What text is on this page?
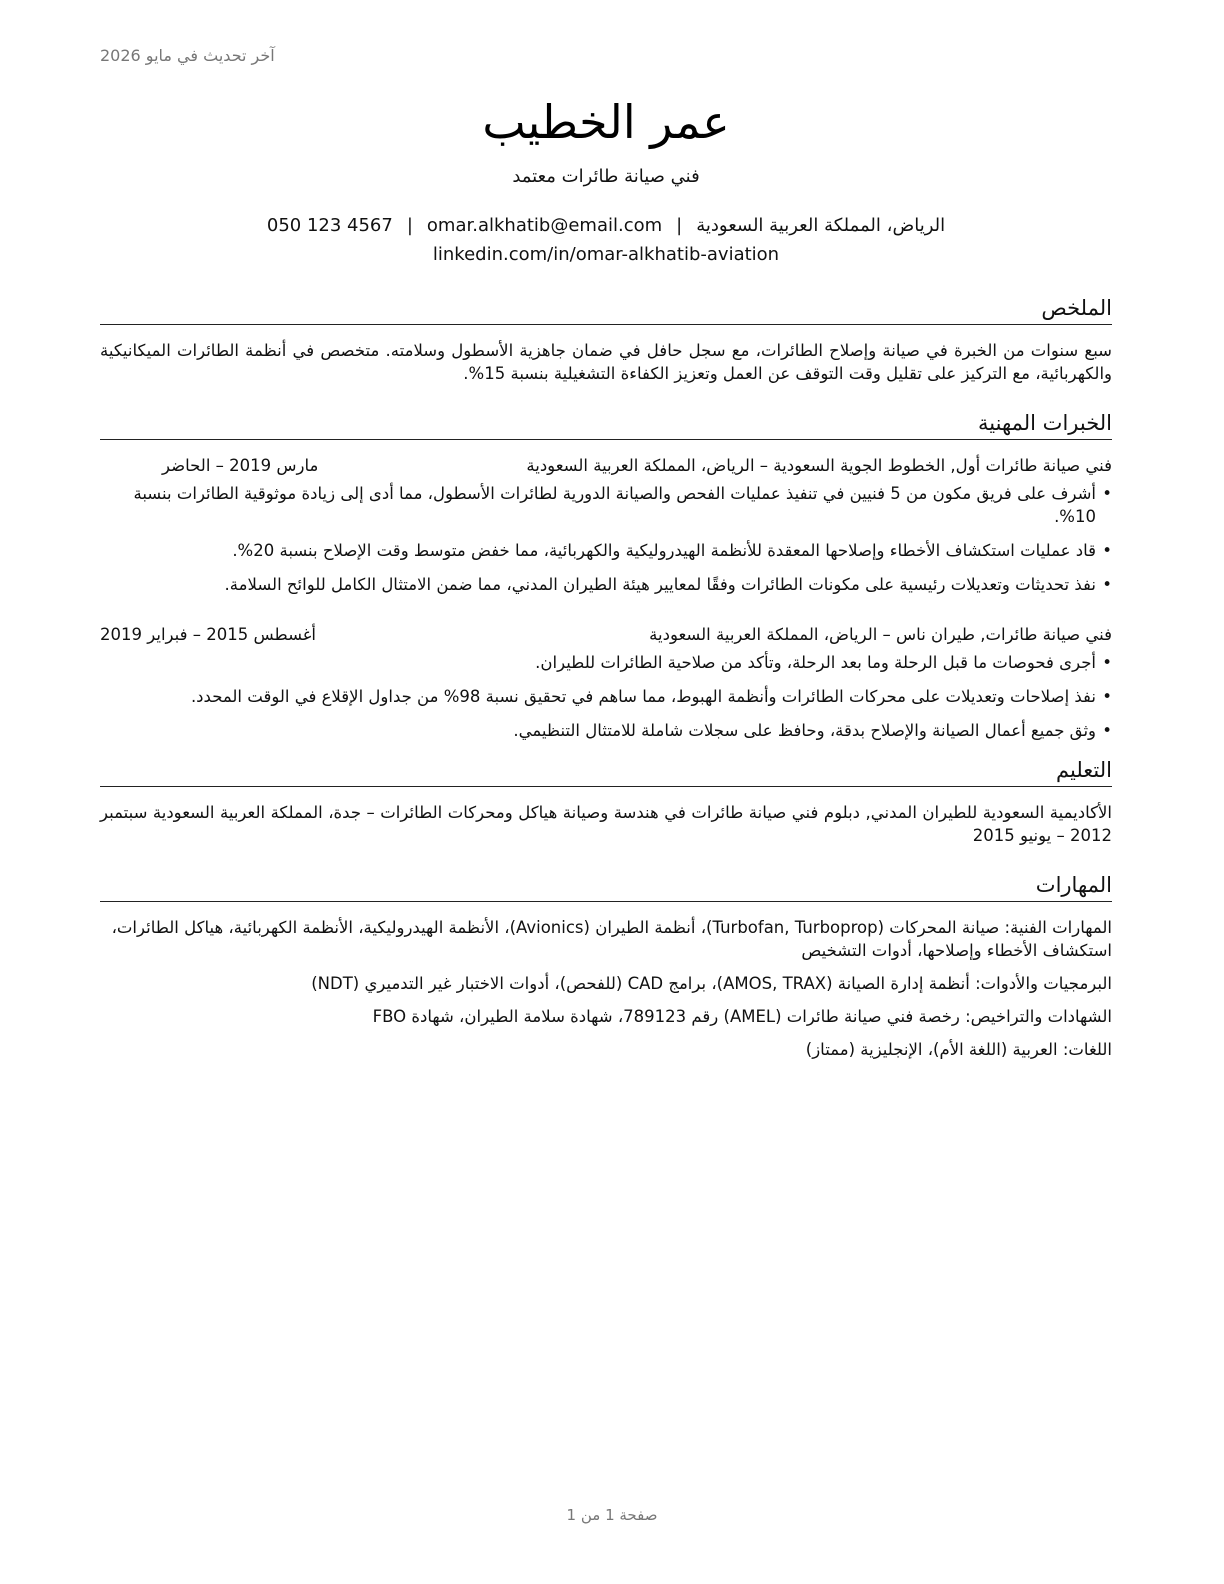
آخر تحديث في مايو 2026
عمر الخطيب
فني صيانة طائرات معتمد
الرياض، المملكة العربية السعودية|omar.alkhatib@email.com|050 123 4567
linkedin.com/in/omar-alkhatib-aviation
الملخص
سبع سنوات من الخبرة في صيانة وإصلاح الطائرات، مع سجل حافل في ضمان جاهزية الأسطول وسلامته. متخصص في أنظمة الطائرات الميكانيكية والكهربائية، مع التركيز على تقليل وقت التوقف عن العمل وتعزيز الكفاءة التشغيلية بنسبة 15%.
الخبرات المهنية
فني صيانة طائرات أول, الخطوط الجوية السعودية – الرياض، المملكة العربية السعودية
مارس 2019 – الحاضر
• أشرف على فريق مكون من 5 فنيين في تنفيذ عمليات الفحص والصيانة الدورية لطائرات الأسطول، مما أدى إلى زيادة موثوقية الطائرات بنسبة 10%.
• قاد عمليات استكشاف الأخطاء وإصلاحها المعقدة للأنظمة الهيدروليكية والكهربائية، مما خفض متوسط وقت الإصلاح بنسبة 20%.
• نفذ تحديثات وتعديلات رئيسية على مكونات الطائرات وفقًا لمعايير هيئة الطيران المدني، مما ضمن الامتثال الكامل للوائح السلامة.
فني صيانة طائرات, طيران ناس – الرياض، المملكة العربية السعودية
أغسطس 2015 – فبراير 2019
• أجرى فحوصات ما قبل الرحلة وما بعد الرحلة، وتأكد من صلاحية الطائرات للطيران.
• نفذ إصلاحات وتعديلات على محركات الطائرات وأنظمة الهبوط، مما ساهم في تحقيق نسبة 98% من جداول الإقلاع في الوقت المحدد.
• وثق جميع أعمال الصيانة والإصلاح بدقة، وحافظ على سجلات شاملة للامتثال التنظيمي.
التعليم
الأكاديمية السعودية للطيران المدني, دبلوم فني صيانة طائرات في هندسة وصيانة هياكل ومحركات الطائرات – جدة، المملكة العربية السعودية سبتمبر 2012 – يونيو 2015
المهارات
المهارات الفنية: صيانة المحركات (Turbofan, Turboprop)، أنظمة الطيران (Avionics)، الأنظمة الهيدروليكية، الأنظمة الكهربائية، هياكل الطائرات، استكشاف الأخطاء وإصلاحها، أدوات التشخيص
البرمجيات والأدوات: أنظمة إدارة الصيانة (AMOS, TRAX)، برامج CAD (للفحص)، أدوات الاختبار غير التدميري (NDT)
الشهادات والتراخيص: رخصة فني صيانة طائرات (AMEL) رقم 789123، شهادة سلامة الطيران، شهادة FBO
اللغات: العربية (اللغة الأم)، الإنجليزية (ممتاز)
صفحة 1 من 1
